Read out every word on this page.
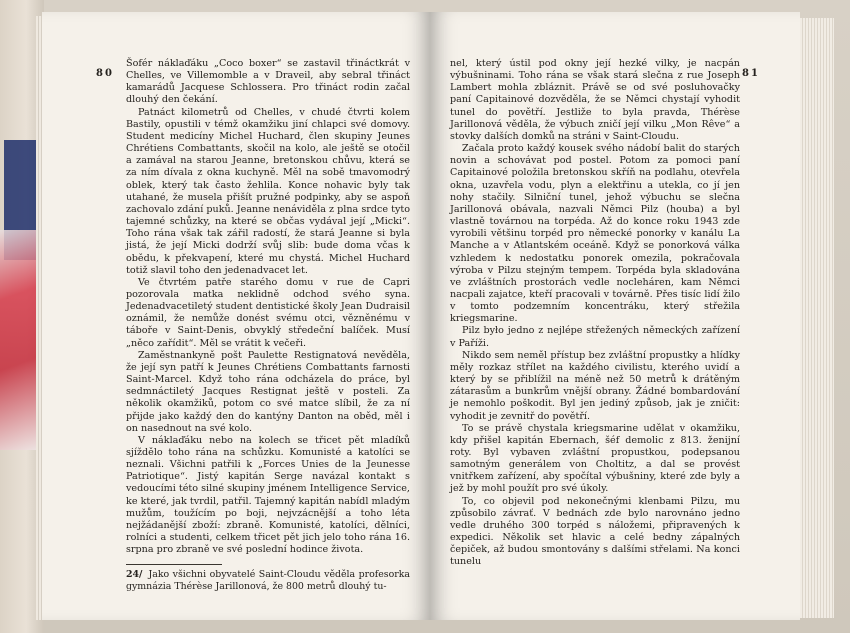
80

Šofér náklaďáku „Coco boxer“ se zastavil třináctkrát v Chelles, ve Villemomble a v Draveil, aby sebral třináct kamarádů Jacquese Schlossera. Pro třináct rodin začal dlouhý den čekání.

Patnáct kilometrů od Chelles, v chudé čtvrti kolem Bastily, opustili v témž okamžiku jiní chlapci své domovy. Student medicíny Michel Huchard, člen skupiny Jeunes Chrétiens Combattants, skočil na kolo, ale ještě se otočil a zamával na starou Jeanne, bretonskou chůvu, která se za ním dívala z okna kuchyně. Měl na sobě tmavomodrý oblek, který tak často žehlila. Konce nohavic byly tak utahané, že musela přišít pružné podpinky, aby se aspoň zachovalo zdání puků. Jeanne nenáviděla z plna srdce tyto tajemné schůzky, na které se občas vydával její „Micki“. Toho rána však tak zářil radostí, že stará Jeanne si byla jistá, že její Micki dodrží svůj slib: bude doma včas k obědu, k překvapení, které mu chystá. Michel Huchard totiž slavil toho den jedenadvacet let.

Ve čtvrtém patře starého domu v rue de Capri pozorovala matka neklidně odchod svého syna. Jedenadvacetiletý student dentistické školy Jean Dudraisil oznámil, že nemůže donést svému otci, vězněnému v táboře v Saint-Denis, obvyklý středeční balíček. Musí „něco zařídit“. Měl se vrátit k večeři.

Zaměstnankyně pošt Paulette Restignatová nevěděla, že její syn patří k Jeunes Chrétiens Combattants farnosti Saint-Marcel. Když toho rána odcházela do práce, byl sedmnáctiletý Jacques Restignat ještě v posteli. Za několik okamžiků, potom co své matce slíbil, že za ní přijde jako každý den do kantýny Danton na oběd, měl i on nasednout na své kolo.

V náklaďáku nebo na kolech se třicet pět mladíků sjíždělo toho rána na schůzku. Komunisté a katolíci se neznali. Všichni patřili k „Forces Unies de la Jeunesse Patriotique“. Jistý kapitán Serge navázal kontakt s vedoucími této silné skupiny jménem Intelligence Service, ke které, jak tvrdil, patřil. Tajemný kapitán nabídl mladým mužům, toužícím po boji, nejvzácnější a toho léta nejžádanější zboží: zbraně. Komunisté, katolíci, dělníci, rolníci a studenti, celkem třicet pět jich jelo toho rána 16. srpna pro zbraně ve své poslední hodince života.

24/ Jako všichni obyvatelé Saint-Cloudu věděla profesorka gymnázia Thérèse Jarillonová, že 800 metrů dlouhý tu-
81

nel, který ústil pod okny její hezké vilky, je nacpán výbušninami. Toho rána se však stará slečna z rue Joseph Lambert mohla zbláznit. Právě se od své posluhovačky paní Capitainové dozvěděla, že se Němci chystají vyhodit tunel do povětří. Jestliže to byla pravda, Thérèse Jarillonová věděla, že výbuch zničí její vilku „Mon Rêve“ a stovky dalších domků na stráni v Saint-Cloudu.

Začala proto každý kousek svého nádobí balit do starých novin a schovávat pod postel. Potom za pomoci paní Capitainové položila bretonskou skříň na podlahu, otevřela okna, uzavřela vodu, plyn a elektřinu a utekla, co jí jen nohy stačily. Silniční tunel, jehož výbuchu se slečna Jarillonová obávala, nazvali Němci Pilz (houba) a byl vlastně továrnou na torpéda. Až do konce roku 1943 zde vyrobili většinu torpéd pro německé ponorky v kanálu La Manche a v Atlantském oceáně. Když se ponorková válka vzhledem k nedostatku ponorek omezila, pokračovala výroba v Pilzu stejným tempem. Torpéda byla skladována ve zvláštních prostorách vedle nocleháren, kam Němci nacpali zajatce, kteří pracovali v továrně. Přes tisíc lidí žilo v tomto podzemním koncentráku, který střežila kriegsmarine.

Pilz było jedno z nejlépe střežených německých zařízení v Paříži.

Nikdo sem neměl přístup bez zvláštní propustky a hlídky měly rozkaz střílet na každého civilistu, kterého uvidí a který by se přiblížil na méně než 50 metrů k drátěným zátarasům a bunkrům vnější obrany. Žádné bombardování je nemohlo poškodit. Byl jen jediný způsob, jak je zničit: vyhodit je zevnitř do povětří.

To se právě chystala kriegsmarine udělat v okamžiku, kdy přišel kapitán Ebernach, šéf demolic z 813. ženijní roty. Byl vybaven zvláštní propustkou, podepsanou samotným generálem von Choltitz, a dal se provést vnitřkem zařízení, aby spočítal výbušniny, které zde byly a jež by mohl použít pro své úkoly.

To, co objevil pod nekonečnými klenbami Pilzu, mu způsobilo závrať. V bednách zde bylo narovnáno jedno vedle druhého 300 torpéd s náložemi, připravených k expedici. Několik set hlavic a celé bedny zápalných čepiček, až budou smontovány s dalšími střelami. Na konci tunelu
